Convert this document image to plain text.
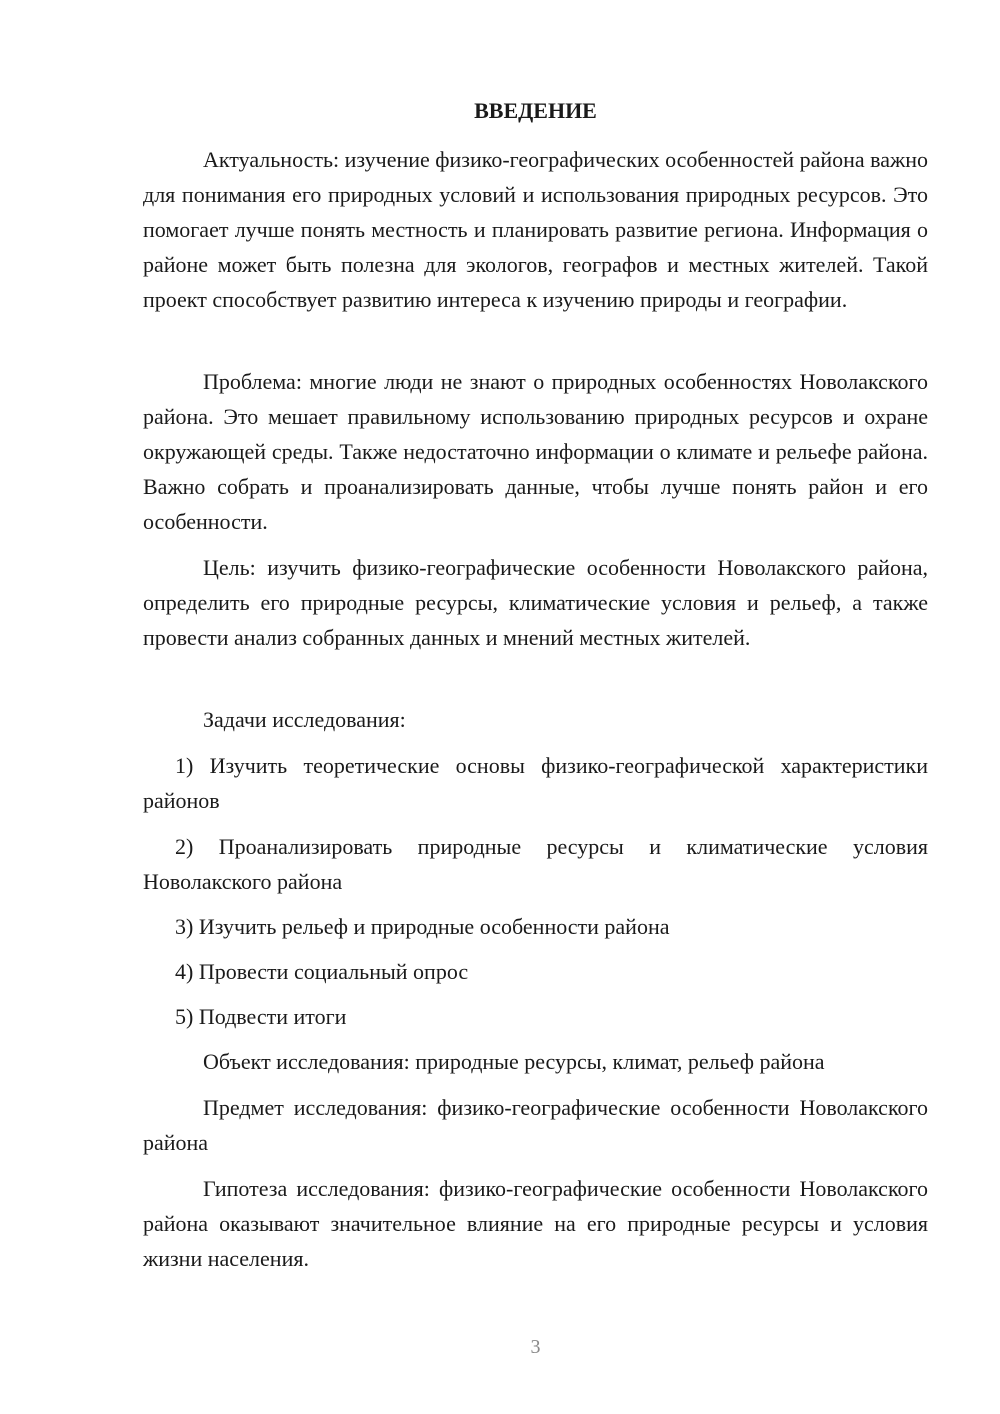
ВВЕДЕНИЕ

Актуальность: изучение физико-географических особенностей района важно для понимания его природных условий и использования природных ресурсов. Это помогает лучше понять местность и планировать развитие региона. Информация о районе может быть полезна для экологов, географов и местных жителей. Такой проект способствует развитию интереса к изучению природы и географии.

Проблема: многие люди не знают о природных особенностях Новолакского района. Это мешает правильному использованию природных ресурсов и охране окружающей среды. Также недостаточно информации о климате и рельефе района. Важно собрать и проанализировать данные, чтобы лучше понять район и его особенности.

Цель: изучить физико-географические особенности Новолакского района, определить его природные ресурсы, климатические условия и рельеф, а также провести анализ собранных данных и мнений местных жителей.

Задачи исследования:

1) Изучить теоретические основы физико-географической характеристики районов

2) Проанализировать природные ресурсы и климатические условия Новолакского района

3) Изучить рельеф и природные особенности района

4) Провести социальный опрос

5) Подвести итоги

Объект исследования: природные ресурсы, климат, рельеф района

Предмет исследования: физико-географические особенности Новолакского района

Гипотеза исследования: физико-географические особенности Новолакского района оказывают значительное влияние на его природные ресурсы и условия жизни населения.

3
